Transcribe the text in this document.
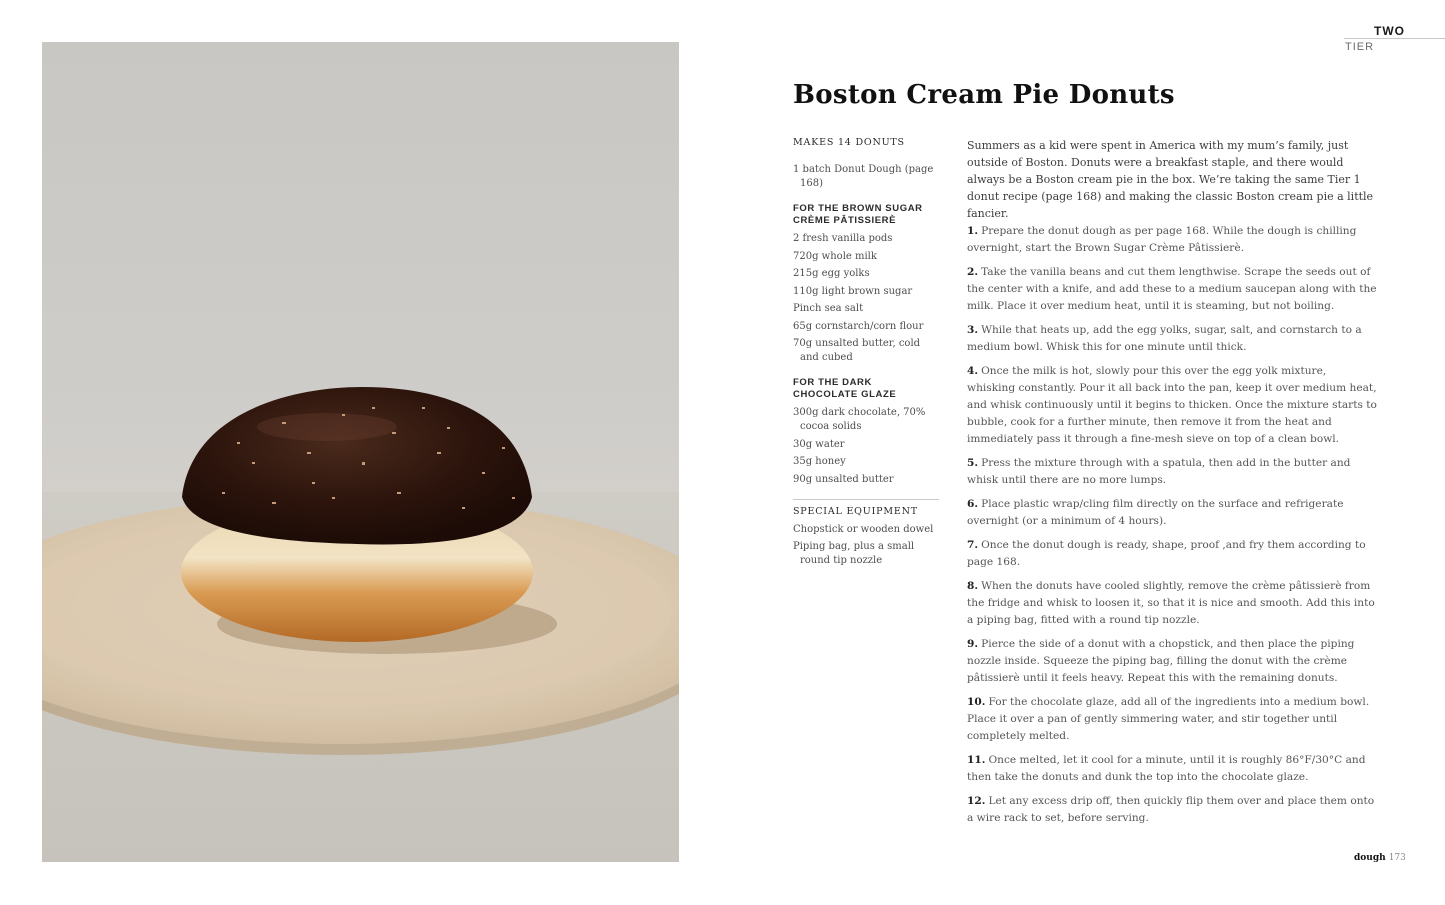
TWO
TIER
Boston Cream Pie Donuts
MAKES 14 DONUTS
1 batch Donut Dough (page 168)
FOR THE BROWN SUGAR CRÈME PÂTISSIERÈ
2 fresh vanilla pods
720g whole milk
215g egg yolks
110g light brown sugar
Pinch sea salt
65g cornstarch/corn flour
70g unsalted butter, cold and cubed
FOR THE DARK CHOCOLATE GLAZE
300g dark chocolate, 70% cocoa solids
30g water
35g honey
90g unsalted butter
SPECIAL EQUIPMENT
Chopstick or wooden dowel
Piping bag, plus a small round tip nozzle

Summers as a kid were spent in America with my mum’s family, just outside of Boston. Donuts were a breakfast staple, and there would always be a Boston cream pie in the box. We’re taking the same Tier 1 donut recipe (page 168) and making the classic Boston cream pie a little fancier.

1. Prepare the donut dough as per page 168. While the dough is chilling overnight, start the Brown Sugar Crème Pâtissierè.
2. Take the vanilla beans and cut them lengthwise. Scrape the seeds out of the center with a knife, and add these to a medium saucepan along with the milk. Place it over medium heat, until it is steaming, but not boiling.
3. While that heats up, add the egg yolks, sugar, salt, and cornstarch to a medium bowl. Whisk this for one minute until thick.
4. Once the milk is hot, slowly pour this over the egg yolk mixture, whisking constantly. Pour it all back into the pan, keep it over medium heat, and whisk continuously until it begins to thicken. Once the mixture starts to bubble, cook for a further minute, then remove it from the heat and immediately pass it through a fine-mesh sieve on top of a clean bowl.
5. Press the mixture through with a spatula, then add in the butter and whisk until there are no more lumps.
6. Place plastic wrap/cling film directly on the surface and refrigerate overnight (or a minimum of 4 hours).
7. Once the donut dough is ready, shape, proof ,and fry them according to page 168.
8. When the donuts have cooled slightly, remove the crème pâtissierè from the fridge and whisk to loosen it, so that it is nice and smooth. Add this into a piping bag, fitted with a round tip nozzle.
9. Pierce the side of a donut with a chopstick, and then place the piping nozzle inside. Squeeze the piping bag, filling the donut with the crème pâtissierè until it feels heavy. Repeat this with the remaining donuts.
10. For the chocolate glaze, add all of the ingredients into a medium bowl. Place it over a pan of gently simmering water, and stir together until completely melted.
11. Once melted, let it cool for a minute, until it is roughly 86°F/30°C and then take the donuts and dunk the top into the chocolate glaze.
12. Let any excess drip off, then quickly flip them over and place them onto a wire rack to set, before serving.
dough 173
